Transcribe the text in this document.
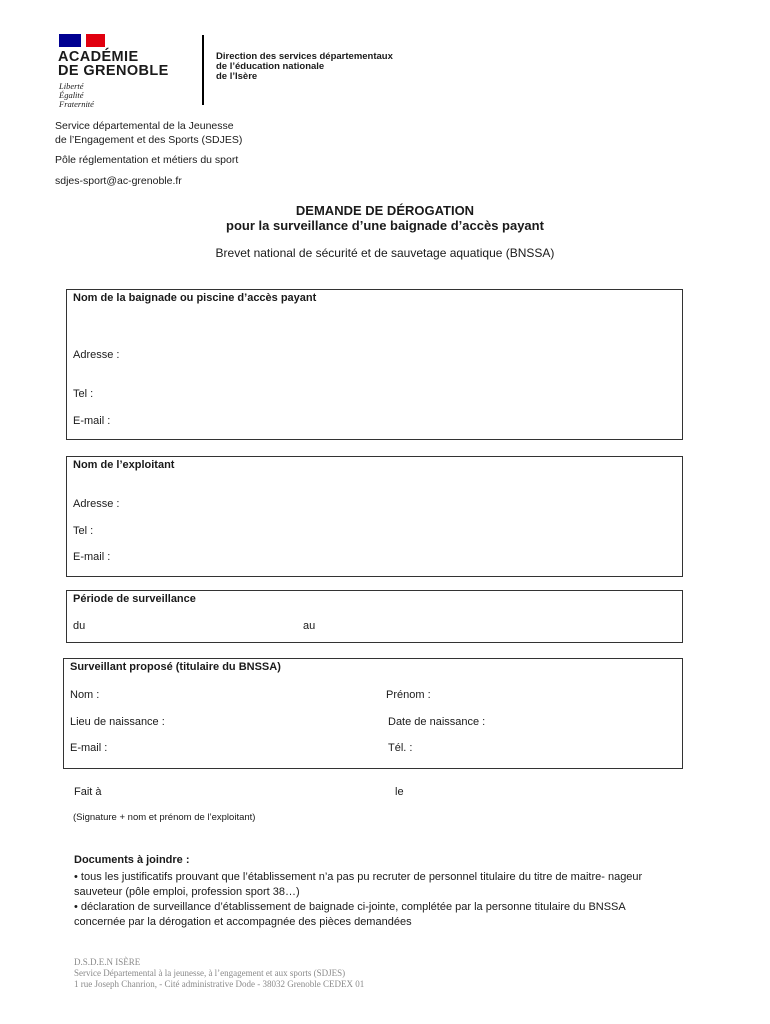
ACADÉMIE
DE GRENOBLE
Liberté
Égalité
Fraternité
Direction des services départementaux
de l’éducation nationale
de l’Isère
Service départemental de la Jeunesse
de l’Engagement et des Sports (SDJES)
Pôle réglementation et métiers du sport
sdjes-sport@ac-grenoble.fr
DEMANDE DE DÉROGATION
pour la surveillance d’une baignade d’accès payant
Brevet national de sécurité et de sauvetage aquatique (BNSSA)
Nom de la baignade ou piscine d’accès payant
Adresse :
Tel :
E-mail :
Nom de l’exploitant
Adresse :
Tel :
E-mail :
Période de surveillance
du	au
Surveillant proposé (titulaire du BNSSA)
Nom :	Prénom :
Lieu de naissance :	Date de naissance :
E-mail :	Tél. :
Fait à	le
(Signature + nom et prénom de l’exploitant)
Documents à joindre :
• tous les justificatifs prouvant que l’établissement n’a pas pu recruter de personnel titulaire du titre de maitre- nageur
sauveteur (pôle emploi, profession sport 38…)
• déclaration de surveillance d’établissement de baignade ci-jointe, complétée par la personne titulaire du BNSSA
concernée par la dérogation et accompagnée des pièces demandées
D.S.D.E.N ISÈRE
Service Départemental à la jeunesse, à l’engagement et aux sports (SDJES)
1 rue Joseph Chanrion, - Cité administrative Dode - 38032 Grenoble CEDEX 01
